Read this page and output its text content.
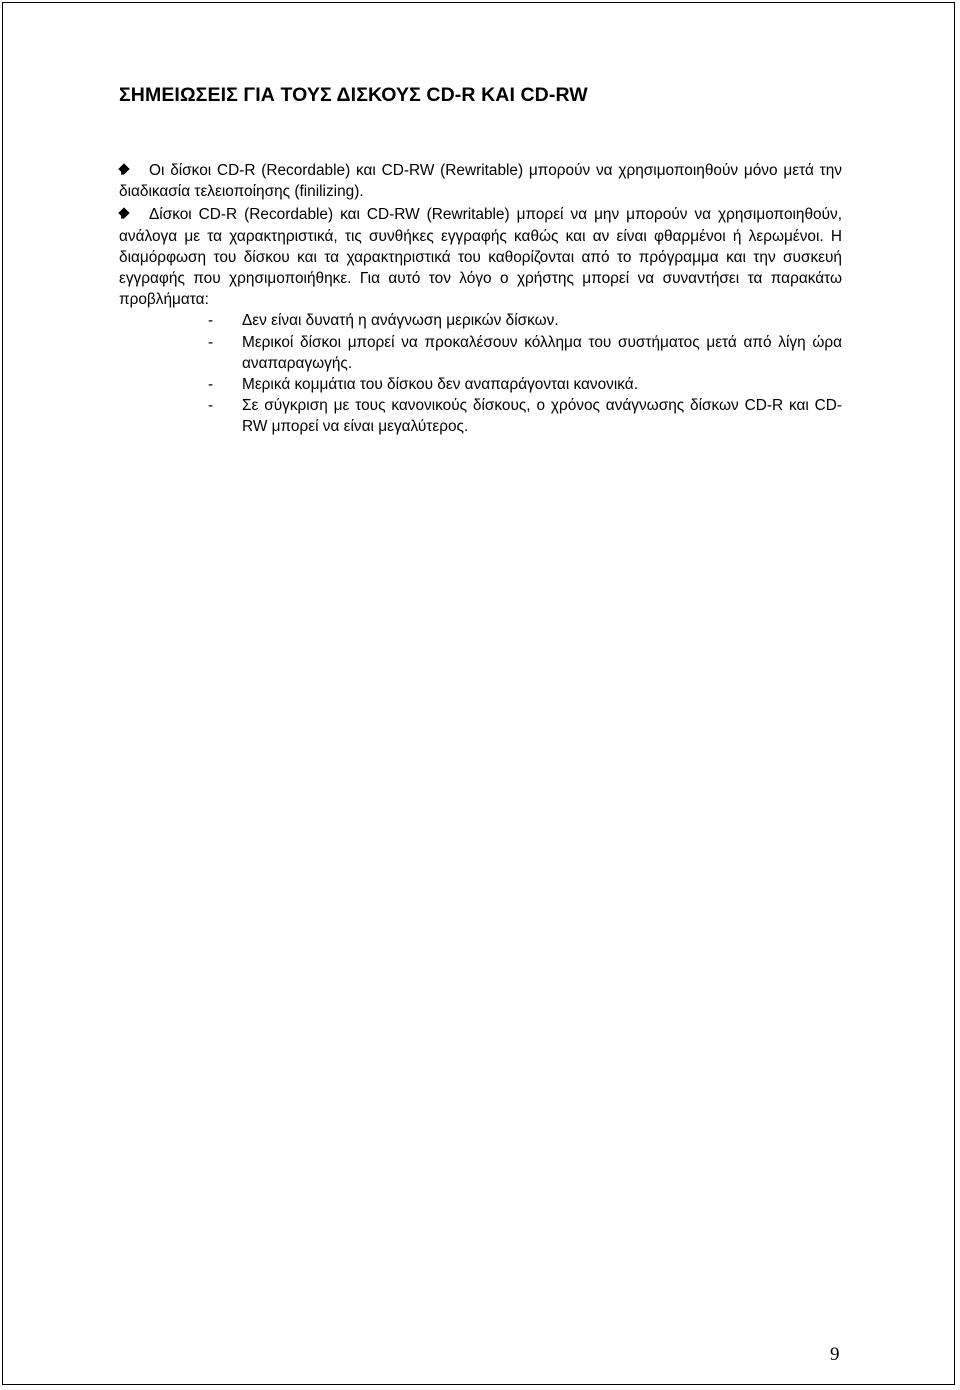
ΣΗΜΕΙΩΣΕΙΣ ΓΙΑ ΤΟΥΣ ΔΙΣΚΟΥΣ CD-R ΚΑΙ CD-RW

Οι δίσκοι CD-R (Recordable) και CD-RW (Rewritable) μπορούν να χρησιμοποιηθούν μόνο μετά την διαδικασία τελειοποίησης (finilizing).

Δίσκοι CD-R (Recordable) και CD-RW (Rewritable) μπορεί να μην μπορούν να χρησιμοποιηθούν, ανάλογα με τα χαρακτηριστικά, τις συνθήκες εγγραφής καθώς και αν είναι φθαρμένοι ή λερωμένοι. Η διαμόρφωση του δίσκου και τα χαρακτηριστικά του καθορίζονται από το πρόγραμμα και την συσκευή εγγραφής που χρησιμοποιήθηκε. Για αυτό τον λόγο ο χρήστης μπορεί να συναντήσει τα παρακάτω προβλήματα:

- Δεν είναι δυνατή η ανάγνωση μερικών δίσκων.
- Μερικοί δίσκοι μπορεί να προκαλέσουν κόλλημα του συστήματος μετά από λίγη ώρα αναπαραγωγής.
- Μερικά κομμάτια του δίσκου δεν αναπαράγονται κανονικά.
- Σε σύγκριση με τους κανονικούς δίσκους, ο χρόνος ανάγνωσης δίσκων CD-R και CD-RW μπορεί να είναι μεγαλύτερος.
9
